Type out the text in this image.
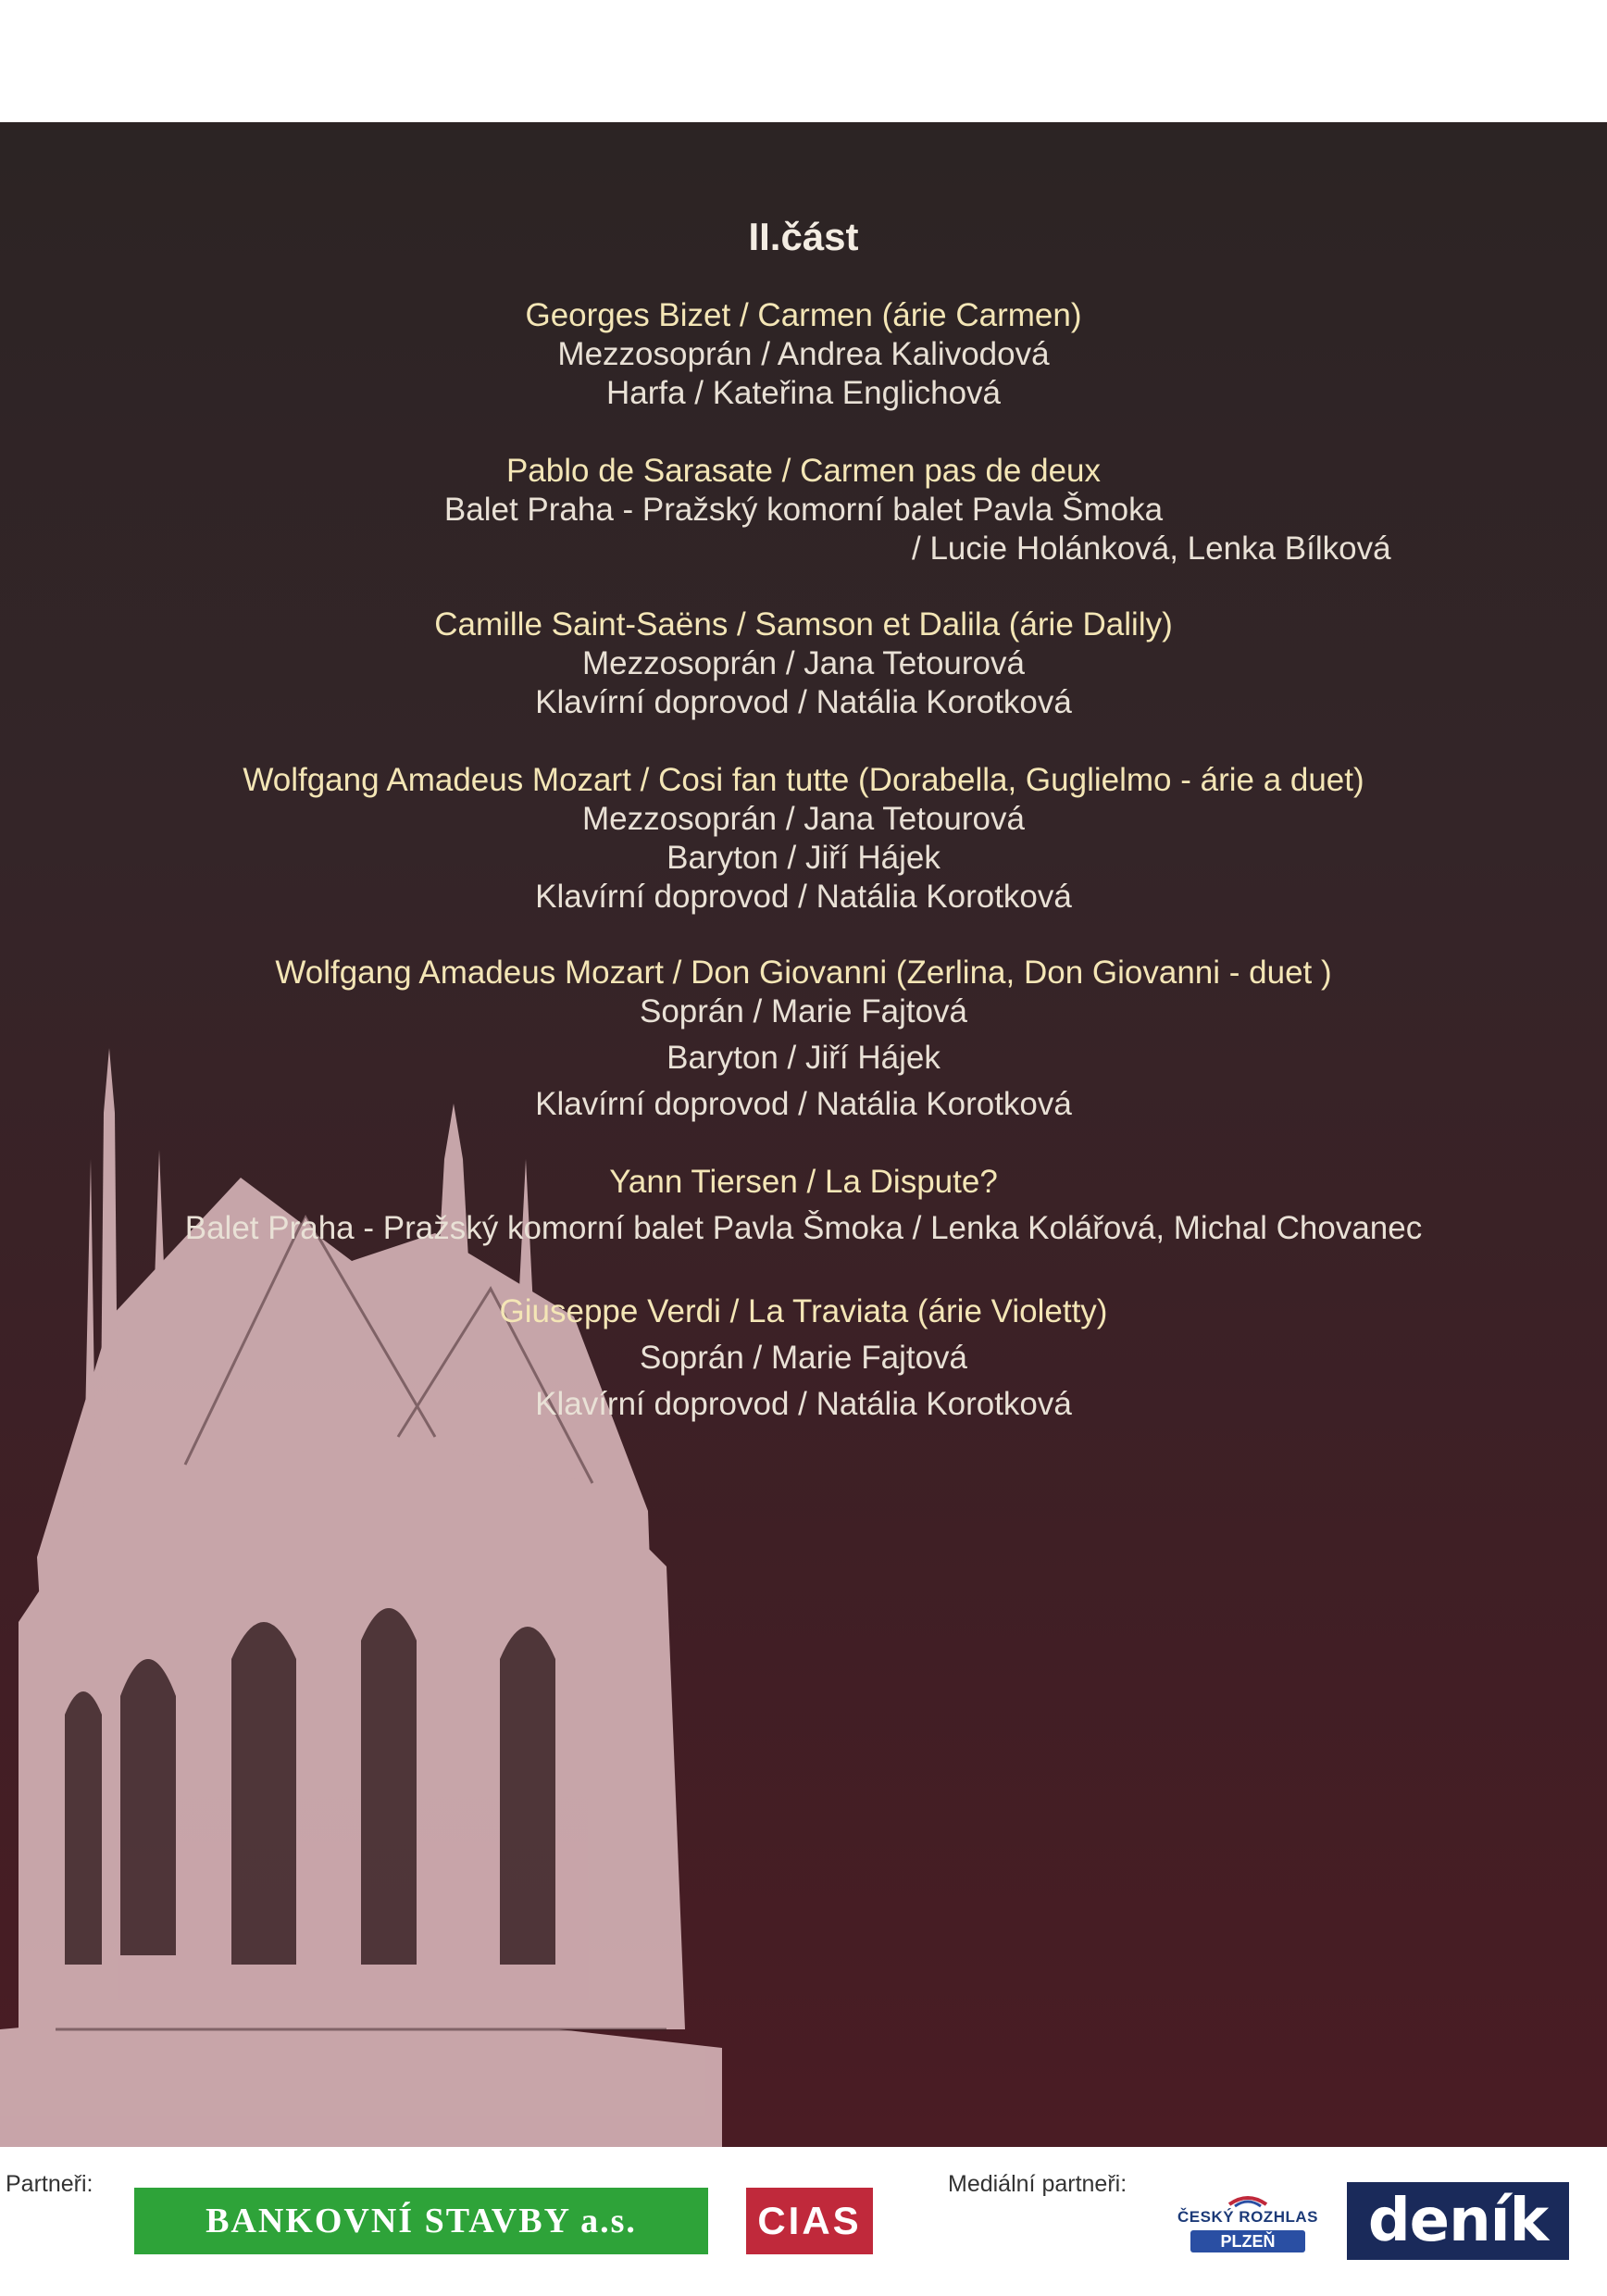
II.část
Georges Bizet / Carmen (árie Carmen)
Mezzosoprán / Andrea Kalivodová
Harfa / Kateřina Englichová
Pablo de Sarasate / Carmen pas de deux
Balet Praha - Pražský komorní balet Pavla Šmoka
/ Lucie Holánková, Lenka Bílková
Camille Saint-Saëns / Samson et Dalila (árie Dalily)
Mezzosoprán / Jana Tetourová
Klavírní doprovod / Natália Korotková
Wolfgang Amadeus Mozart / Cosi fan tutte (Dorabella, Guglielmo - árie a duet)
Mezzosoprán / Jana Tetourová
Baryton / Jiří Hájek
Klavírní doprovod / Natália Korotková
Wolfgang Amadeus Mozart / Don Giovanni (Zerlina, Don Giovanni - duet )
Soprán / Marie Fajtová
Baryton / Jiří Hájek
Klavírní doprovod / Natália Korotková
Yann Tiersen / La Dispute?
Balet Praha - Pražský komorní balet Pavla Šmoka / Lenka Kolářová, Michal Chovanec
Giuseppe Verdi / La Traviata (árie Violetty)
Soprán / Marie Fajtová
Klavírní doprovod / Natália Korotková
Partneři:	Mediální partneři:
BANKOVNÍ STAVBY a.s.	CIAS	ČESKÝ ROZHLAS
PLZEŇ	deník
